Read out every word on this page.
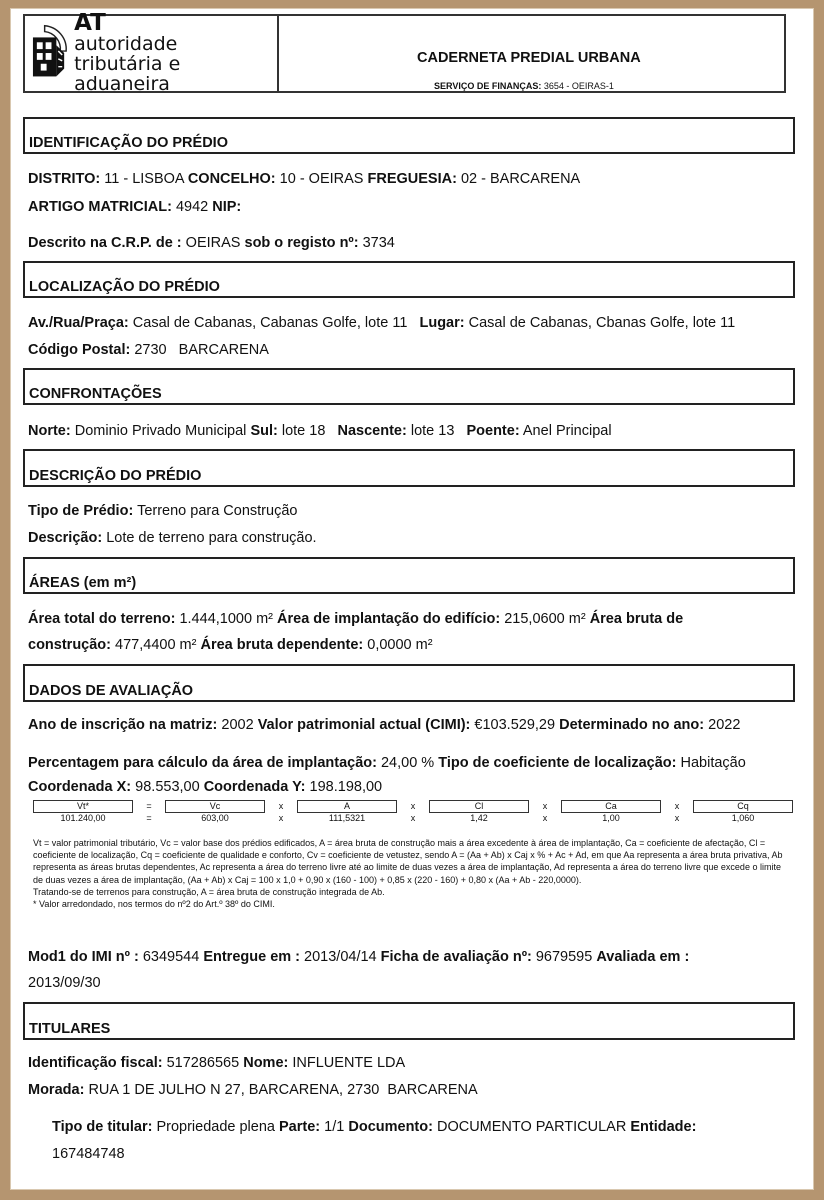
AT
autoridade
tributária e aduaneira
CADERNETA PREDIAL URBANA
SERVIÇO DE FINANÇAS: 3654 - OEIRAS-1
IDENTIFICAÇÃO DO PRÉDIO
DISTRITO: 11 - LISBOA CONCELHO: 10 - OEIRAS FREGUESIA: 02 - BARCARENA
ARTIGO MATRICIAL: 4942 NIP:
Descrito na C.R.P. de : OEIRAS sob o registo nº: 3734
LOCALIZAÇÃO DO PRÉDIO
Av./Rua/Praça: Casal de Cabanas, Cabanas Golfe, lote 11 Lugar: Casal de Cabanas, Cbanas Golfe, lote 11
Código Postal: 2730   BARCARENA
CONFRONTAÇÕES
Norte: Dominio Privado Municipal Sul: lote 18 Nascente: lote 13 Poente: Anel Principal
DESCRIÇÃO DO PRÉDIO
Tipo de Prédio: Terreno para Construção
Descrição: Lote de terreno para construção.
ÁREAS (em m²)
Área total do terreno: 1.444,1000 m² Área de implantação do edifício: 215,0600 m² Área bruta de
construção: 477,4400 m² Área bruta dependente: 0,0000 m²
DADOS DE AVALIAÇÃO
Ano de inscrição na matriz: 2002 Valor patrimonial actual (CIMI): €103.529,29 Determinado no ano: 2022
Percentagem para cálculo da área de implantação: 24,00 % Tipo de coeficiente de localização: Habitação
Coordenada X: 98.553,00 Coordenada Y: 198.198,00
Vt*	=	Vc	x	A	x	Cl	x	Ca	x	Cq
101.240,00	=	603,00	x	111,5321	x	1,42	x	1,00	x	1,060
Vt = valor patrimonial tributário, Vc = valor base dos prédios edificados, A = área bruta de construção mais a área excedente à área de implantação, Ca = coeficiente de afectação, Cl = coeficiente de localização, Cq = coeficiente de qualidade e conforto, Cv = coeficiente de vetustez, sendo A = (Aa + Ab) x Caj x % + Ac + Ad, em que Aa representa a área bruta privativa, Ab representa as áreas brutas dependentes, Ac representa a área do terreno livre até ao limite de duas vezes a área de implantação, Ad representa a área do terreno livre que excede o limite de duas vezes a área de implantação, (Aa + Ab) x Caj = 100 x 1,0 + 0,90 x (160 - 100) + 0,85 x (220 - 160) + 0,80 x (Aa + Ab - 220,0000).
Tratando-se de terrenos para construção, A = área bruta de construção integrada de Ab.
* Valor arredondado, nos termos do nº2 do Art.º 38º do CIMI.
Mod1 do IMI nº : 6349544 Entregue em : 2013/04/14 Ficha de avaliação nº: 9679595 Avaliada em :
2013/09/30
TITULARES
Identificação fiscal: 517286565 Nome: INFLUENTE LDA
Morada: RUA 1 DE JULHO N 27, BARCARENA, 2730  BARCARENA
Tipo de titular: Propriedade plena Parte: 1/1 Documento: DOCUMENTO PARTICULAR Entidade:
167484748
